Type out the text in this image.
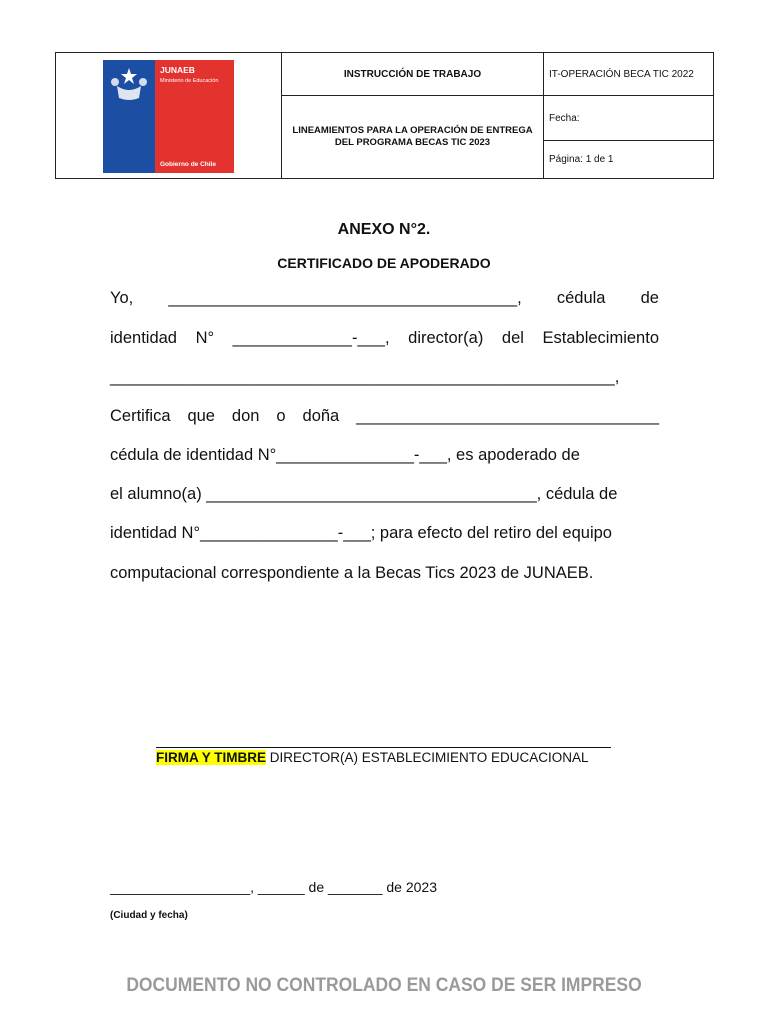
JUNAEB
Ministerio de Educación
Gobierno de Chile
INSTRUCCIÓN DE TRABAJO
LINEAMIENTOS PARA LA OPERACIÓN DE ENTREGA DEL PROGRAMA BECAS TIC 2023
IT-OPERACIÓN BECA TIC 2022
Fecha:
Página: 1 de 1
ANEXO N°2.
CERTIFICADO DE APODERADO
Yo, ______________________________________, cédula de
identidad N° _____________-___, director(a) del Establecimiento
_______________________________________________________,
Certifica que don o doña _________________________________
cédula de identidad N°_______________-___, es apoderado de
el alumno(a) ____________________________________, cédula de
identidad N°_______________-___; para efecto del retiro del equipo
computacional correspondiente a la Becas Tics 2023 de JUNAEB.
FIRMA Y TIMBRE DIRECTOR(A) ESTABLECIMIENTO EDUCACIONAL
__________________, ______ de _______ de 2023
(Ciudad y fecha)
DOCUMENTO NO CONTROLADO EN CASO DE SER IMPRESO
